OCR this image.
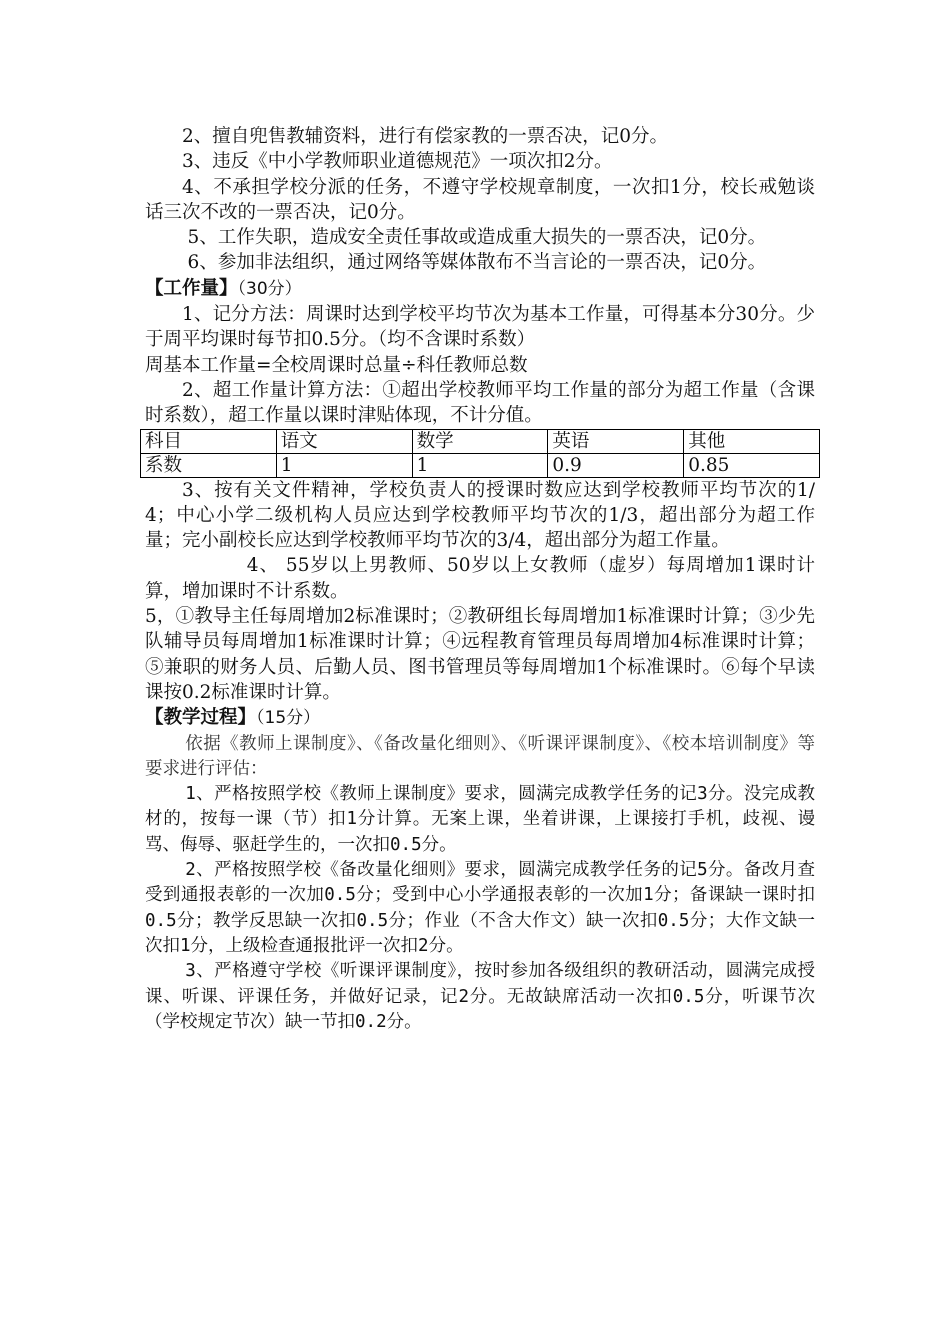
2、擅自兜售教辅资料，进行有偿家教的一票否决，记0分。

3、违反《中小学教师职业道德规范》一项次扣2分。

4、不承担学校分派的任务，不遵守学校规章制度，一次扣1分，校长戒勉谈话三次不改的一票否决，记0分。

5、工作失职，造成安全责任事故或造成重大损失的一票否决，记0分。

6、参加非法组织，通过网络等媒体散布不当言论的一票否决，记0分。

【工作量】（30分）

1、记分方法：周课时达到学校平均节次为基本工作量，可得基本分30分。少于周平均课时每节扣0.5分。（均不含课时系数）

周基本工作量=全校周课时总量÷科任教师总数

2、超工作量计算方法：①超出学校教师平均工作量的部分为超工作量（含课时系数），超工作量以课时津贴体现，不计分值。

科目	语文	数学	英语	其他
系数	1	1	0.9	0.85

3、按有关文件精神，学校负责人的授课时数应达到学校教师平均节次的1/4；中心小学二级机构人员应达到学校教师平均节次的1/3，超出部分为超工作量；完小副校长应达到学校教师平均节次的3/4，超出部分为超工作量。

4、 55岁以上男教师、50岁以上女教师（虚岁）每周增加1课时计算，增加课时不计系数。

5，①教导主任每周增加2标准课时；②教研组长每周增加1标准课时计算；③少先队辅导员每周增加1标准课时计算；④远程教育管理员每周增加4标准课时计算；⑤兼职的财务人员、后勤人员、图书管理员等每周增加1个标准课时。⑥每个早读课按0.2标准课时计算。

【教学过程】（15分）

依据《教师上课制度》、《备改量化细则》、《听课评课制度》、《校本培训制度》等要求进行评估：

1、严格按照学校《教师上课制度》要求，圆满完成教学任务的记3分。没完成教材的，按每一课（节）扣1分计算。无案上课，坐着讲课，上课接打手机，歧视、谩骂、侮辱、驱赶学生的，一次扣0.5分。

2、严格按照学校《备改量化细则》要求，圆满完成教学任务的记5分。备改月查受到通报表彰的一次加0.5分；受到中心小学通报表彰的一次加1分；备课缺一课时扣0.5分；教学反思缺一次扣0.5分；作业（不含大作文）缺一次扣0.5分；大作文缺一次扣1分，上级检查通报批评一次扣2分。

3、严格遵守学校《听课评课制度》，按时参加各级组织的教研活动，圆满完成授课、听课、评课任务，并做好记录，记2分。无故缺席活动一次扣0.5分，听课节次（学校规定节次）缺一节扣0.2分。
